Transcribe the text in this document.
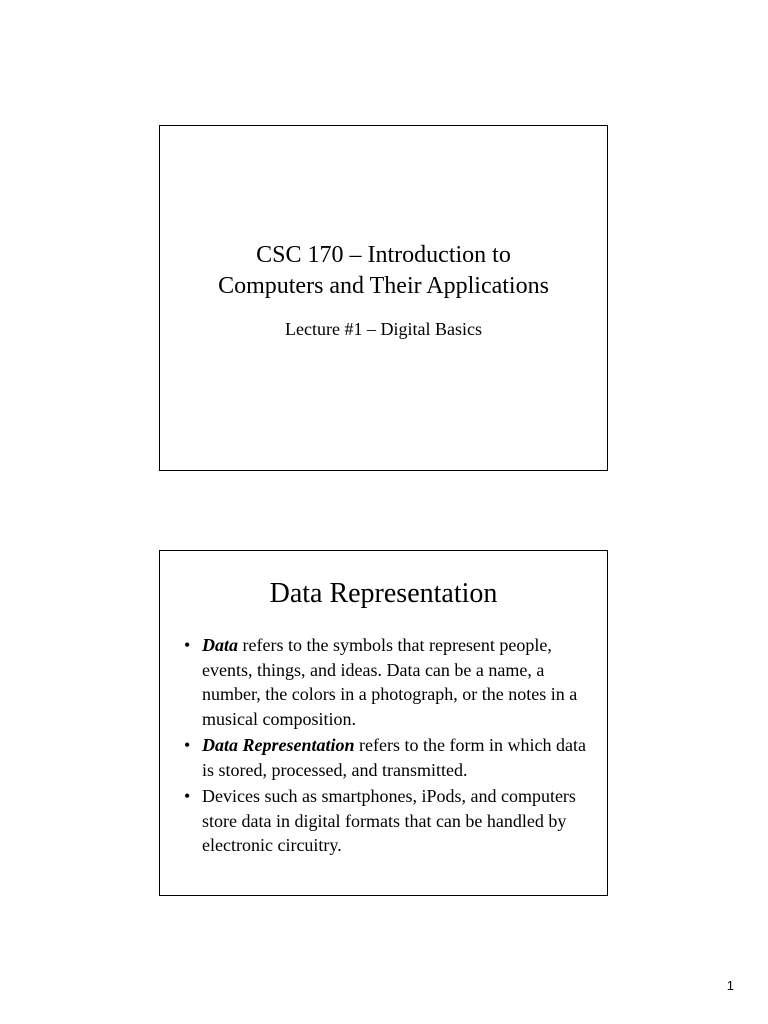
CSC 170 – Introduction to
Computers and Their Applications

Lecture #1 – Digital Basics

Data Representation
• Data refers to the symbols that represent people, events, things, and ideas. Data can be a name, a number, the colors in a photograph, or the notes in a musical composition.
• Data Representation refers to the form in which data is stored, processed, and transmitted.
• Devices such as smartphones, iPods, and computers store data in digital formats that can be handled by electronic circuitry.
1
